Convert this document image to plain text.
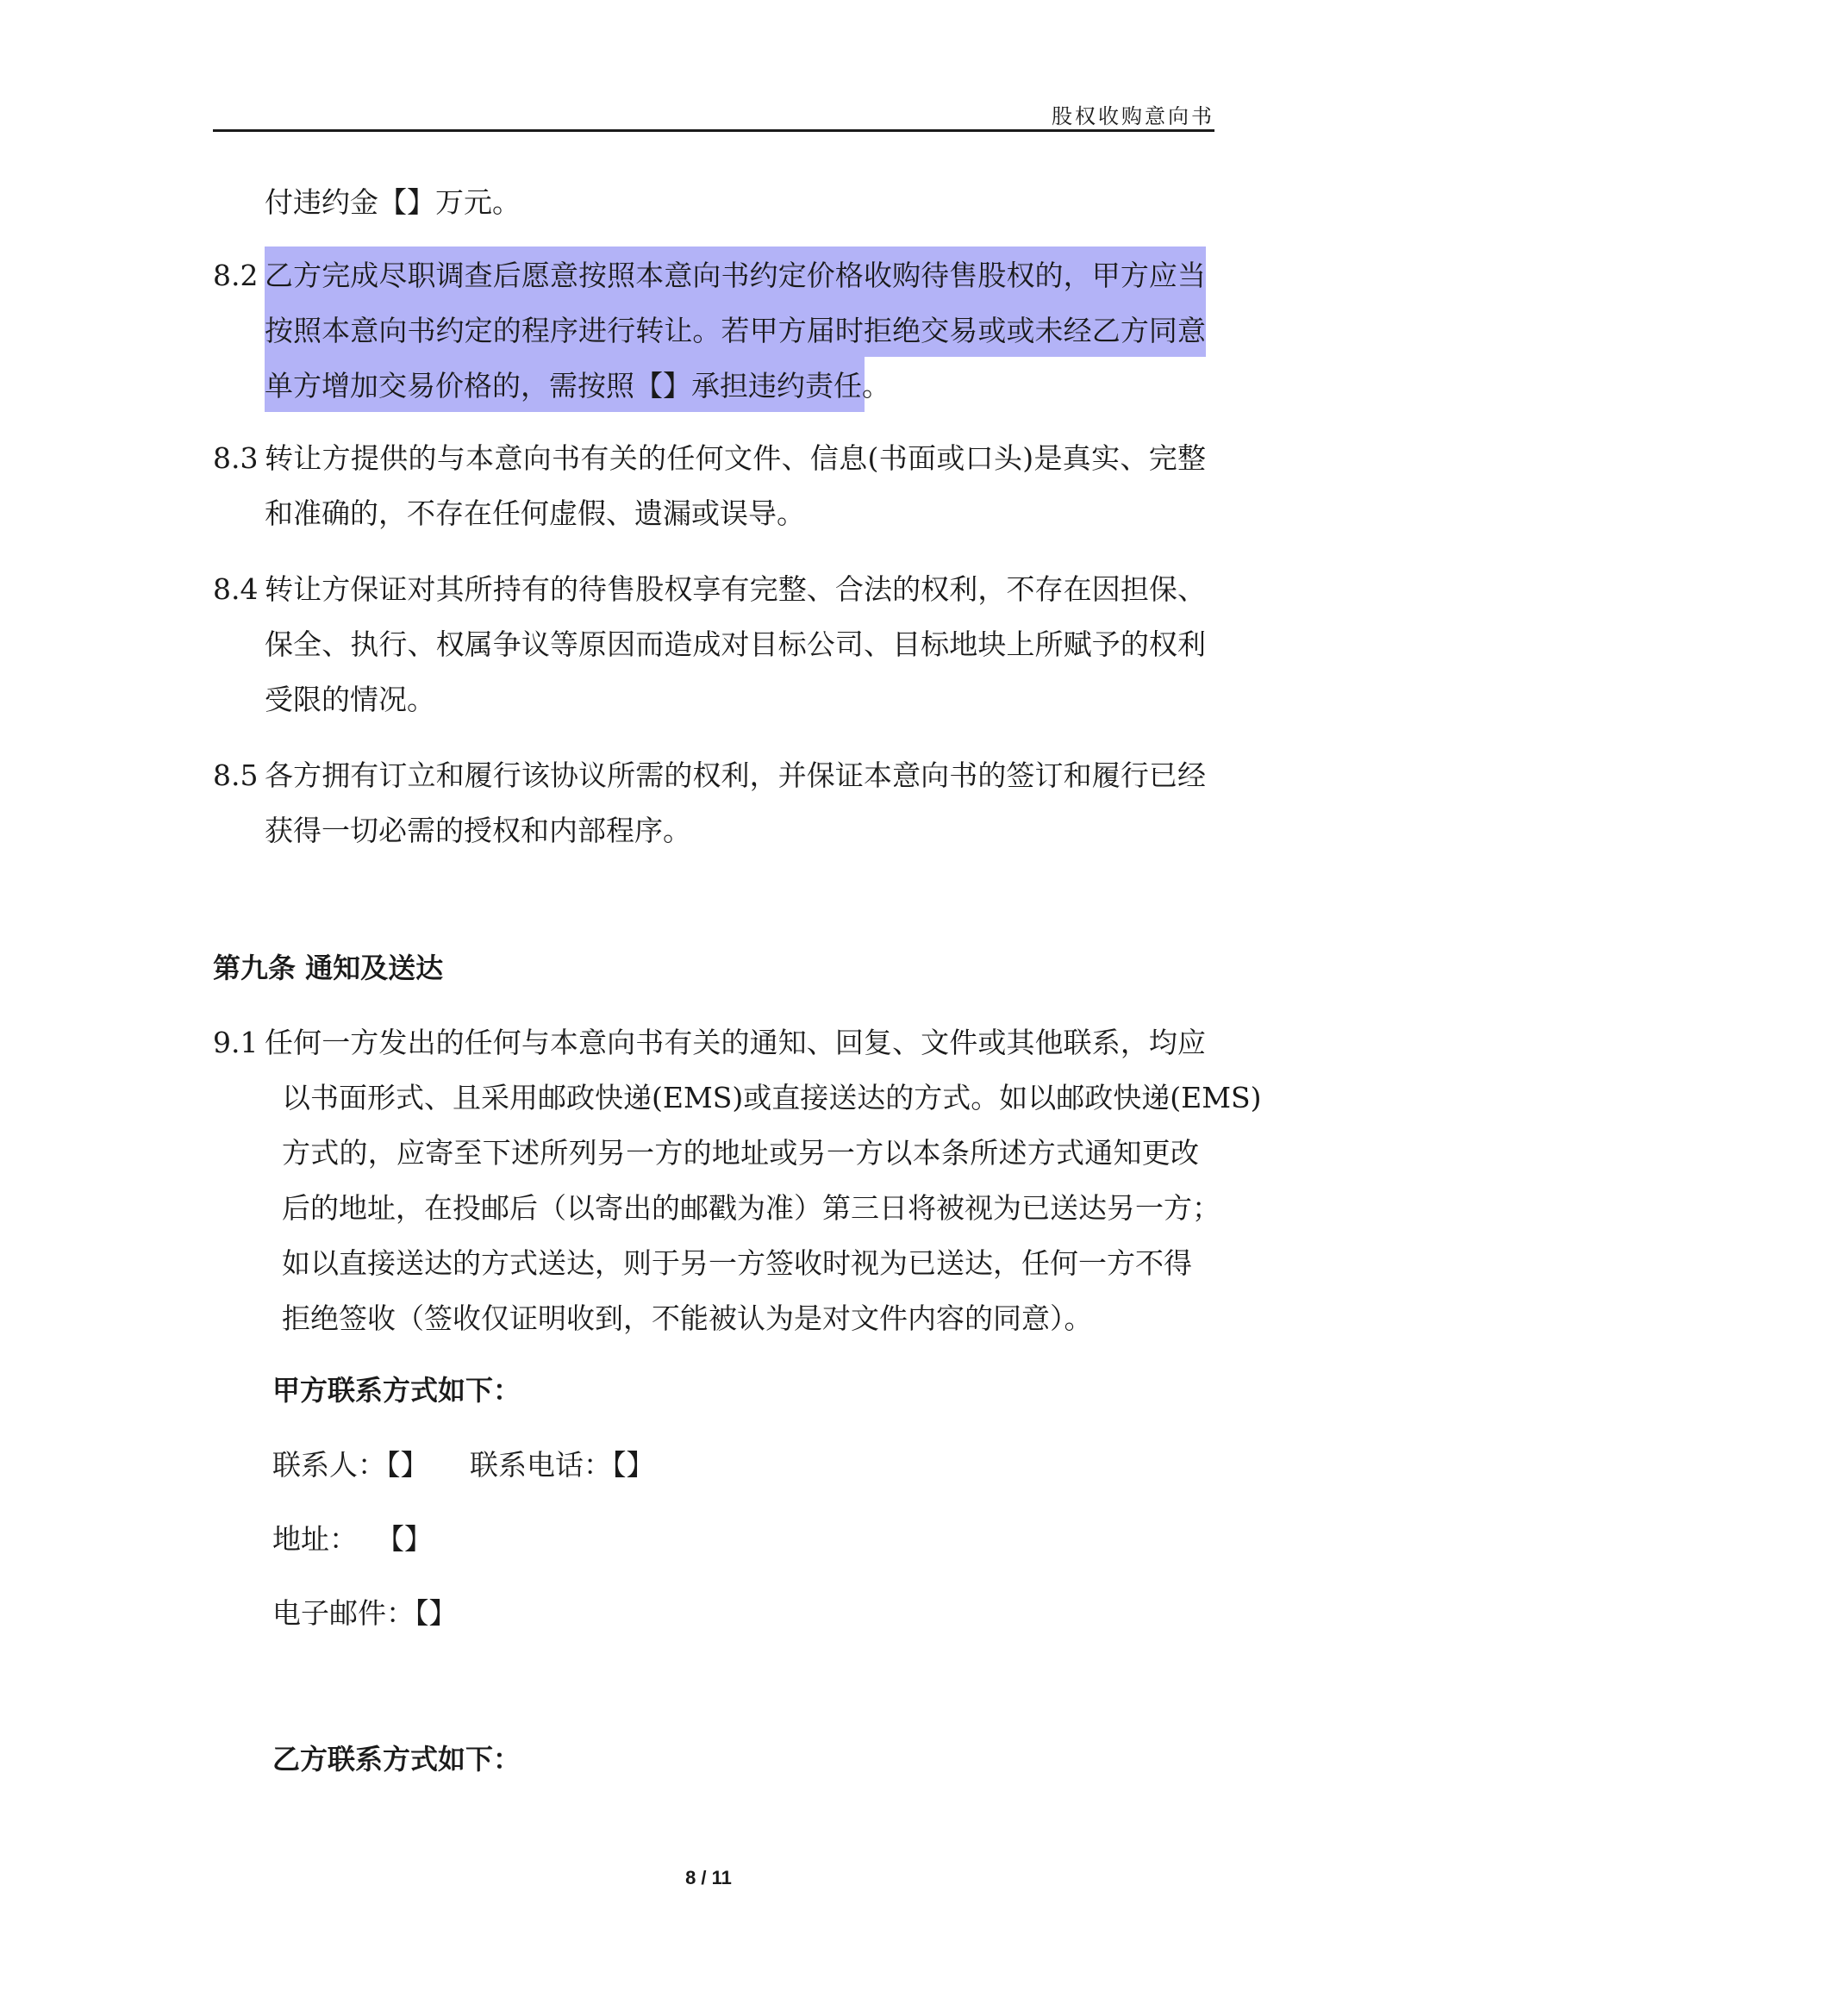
股权收购意向书
付违约金【】万元。
8.2 乙方完成尽职调查后愿意按照本意向书约定价格收购待售股权的，甲方应当
按照本意向书约定的程序进行转让。若甲方届时拒绝交易或或未经乙方同意
单方增加交易价格的，需按照【】承担违约责任。
8.3 转让方提供的与本意向书有关的任何文件、信息(书面或口头)是真实、完整
和准确的，不存在任何虚假、遗漏或误导。
8.4 转让方保证对其所持有的待售股权享有完整、合法的权利，不存在因担保、
保全、执行、权属争议等原因而造成对目标公司、目标地块上所赋予的权利
受限的情况。
8.5 各方拥有订立和履行该协议所需的权利，并保证本意向书的签订和履行已经
获得一切必需的授权和内部程序。
第九条 通知及送达
9.1 任何一方发出的任何与本意向书有关的通知、回复、文件或其他联系，均应
以书面形式、且采用邮政快递(EMS)或直接送达的方式。如以邮政快递(EMS)
方式的，应寄至下述所列另一方的地址或另一方以本条所述方式通知更改
后的地址，在投邮后（以寄出的邮戳为准）第三日将被视为已送达另一方；
如以直接送达的方式送达，则于另一方签收时视为已送达，任何一方不得
拒绝签收（签收仅证明收到，不能被认为是对文件内容的同意）。
甲方联系方式如下：
联系人：【】 联系电话：【】
地址：  【】
电子邮件：【】
乙方联系方式如下：
8 / 11
